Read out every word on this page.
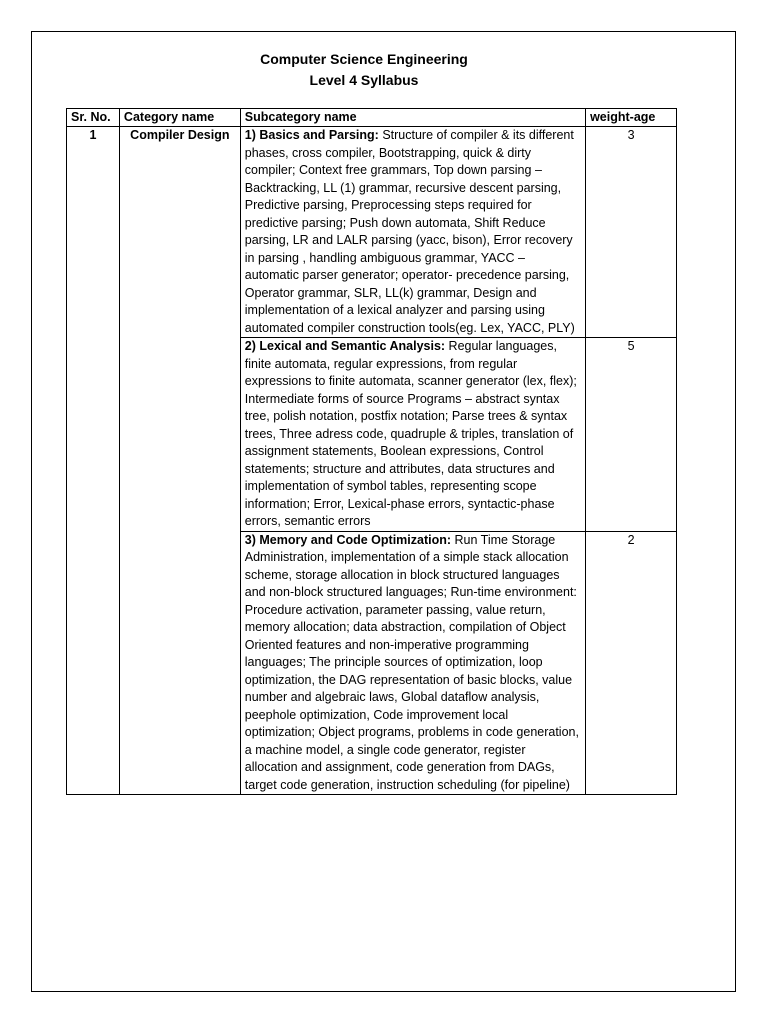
Computer Science Engineering
Level 4 Syllabus
Sr. No.	Category name	Subcategory name	weight-age
1	Compiler Design	1) Basics and Parsing: Structure of compiler & its different phases, cross compiler, Bootstrapping, quick & dirty compiler; Context free grammars, Top down parsing – Backtracking, LL (1) grammar, recursive descent parsing, Predictive parsing, Preprocessing steps required for predictive parsing; Push down automata, Shift Reduce parsing, LR and LALR parsing (yacc, bison), Error recovery in parsing , handling ambiguous grammar, YACC – automatic parser generator; operator- precedence parsing, Operator grammar, SLR, LL(k) grammar, Design and implementation of a lexical analyzer and parsing using automated compiler construction tools(eg. Lex, YACC, PLY)	3
		2) Lexical and Semantic Analysis: Regular languages, finite automata, regular expressions, from regular expressions to finite automata, scanner generator (lex, flex); Intermediate forms of source Programs – abstract syntax tree, polish notation, postfix notation; Parse trees & syntax trees, Three adress code, quadruple & triples, translation of assignment statements, Boolean expressions, Control statements; structure and attributes, data structures and implementation of symbol tables, representing scope information; Error, Lexical-phase errors, syntactic-phase errors, semantic errors	5
		3) Memory and Code Optimization: Run Time Storage Administration, implementation of a simple stack allocation scheme, storage allocation in block structured languages and non-block structured languages; Run-time environment: Procedure activation, parameter passing, value return, memory allocation; data abstraction, compilation of Object Oriented features and non-imperative programming languages; The principle sources of optimization, loop optimization, the DAG representation of basic blocks, value number and algebraic laws, Global dataflow analysis, peephole optimization, Code improvement local optimization; Object programs, problems in code generation, a machine model, a single code generator, register allocation and assignment, code generation from DAGs, target code generation, instruction scheduling (for pipeline)	2
